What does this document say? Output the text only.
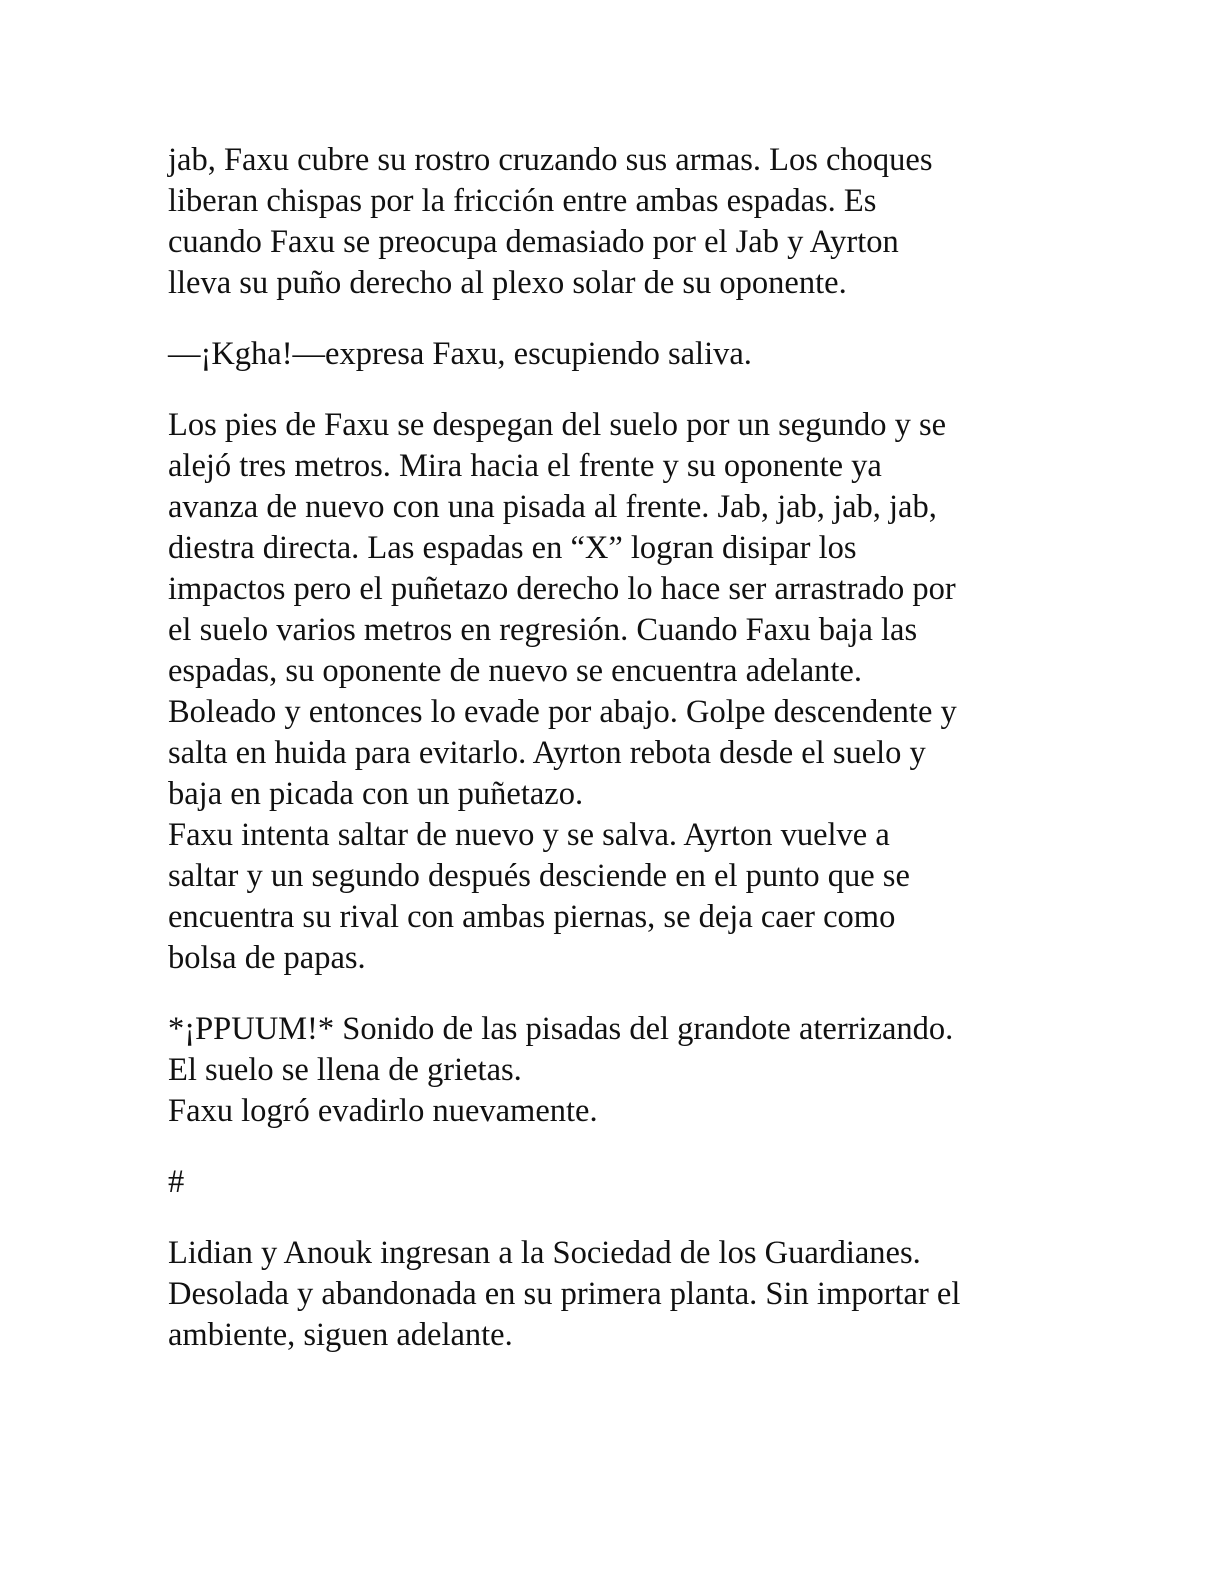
jab, Faxu cubre su rostro cruzando sus armas. Los choques
liberan chispas por la fricción entre ambas espadas. Es
cuando Faxu se preocupa demasiado por el Jab y Ayrton
lleva su puño derecho al plexo solar de su oponente.

—¡Kgha!—expresa Faxu, escupiendo saliva.

Los pies de Faxu se despegan del suelo por un segundo y se
alejó tres metros. Mira hacia el frente y su oponente ya
avanza de nuevo con una pisada al frente. Jab, jab, jab, jab,
diestra directa. Las espadas en “X” logran disipar los
impactos pero el puñetazo derecho lo hace ser arrastrado por
el suelo varios metros en regresión. Cuando Faxu baja las
espadas, su oponente de nuevo se encuentra adelante.
Boleado y entonces lo evade por abajo. Golpe descendente y
salta en huida para evitarlo. Ayrton rebota desde el suelo y
baja en picada con un puñetazo.
Faxu intenta saltar de nuevo y se salva. Ayrton vuelve a
saltar y un segundo después desciende en el punto que se
encuentra su rival con ambas piernas, se deja caer como
bolsa de papas.

*¡PPUUM!* Sonido de las pisadas del grandote aterrizando.
El suelo se llena de grietas.
Faxu logró evadirlo nuevamente.

#

Lidian y Anouk ingresan a la Sociedad de los Guardianes.
Desolada y abandonada en su primera planta. Sin importar el
ambiente, siguen adelante.
